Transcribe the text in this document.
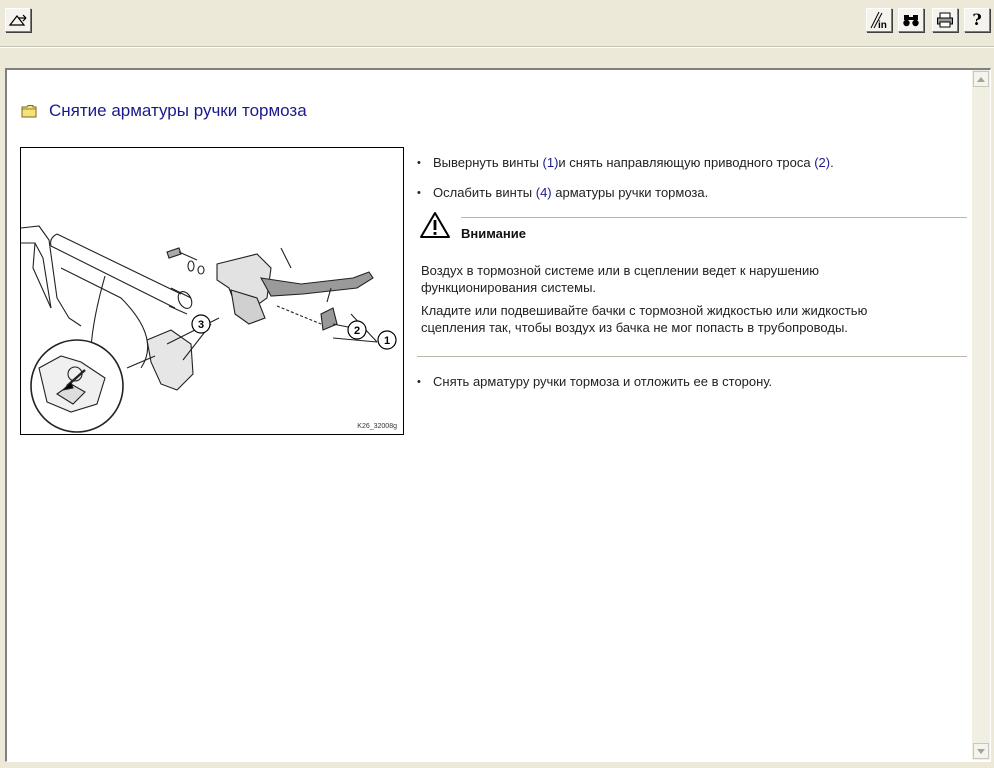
in	?
Снятие арматуры ручки тормоза
3	2
1
K26_32008g
• Вывернуть винты (1)и снять направляющую приводного троса (2).
• Ослабить винты (4) арматуры ручки тормоза.
Внимание
Воздух в тормозной системе или в сцеплении ведет к нарушению
функционирования системы.
Кладите или подвешивайте бачки с тормозной жидкостью или жидкостью
сцепления так, чтобы воздух из бачка не мог попасть в трубопроводы.
• Снять арматуру ручки тормоза и отложить ее в сторону.
